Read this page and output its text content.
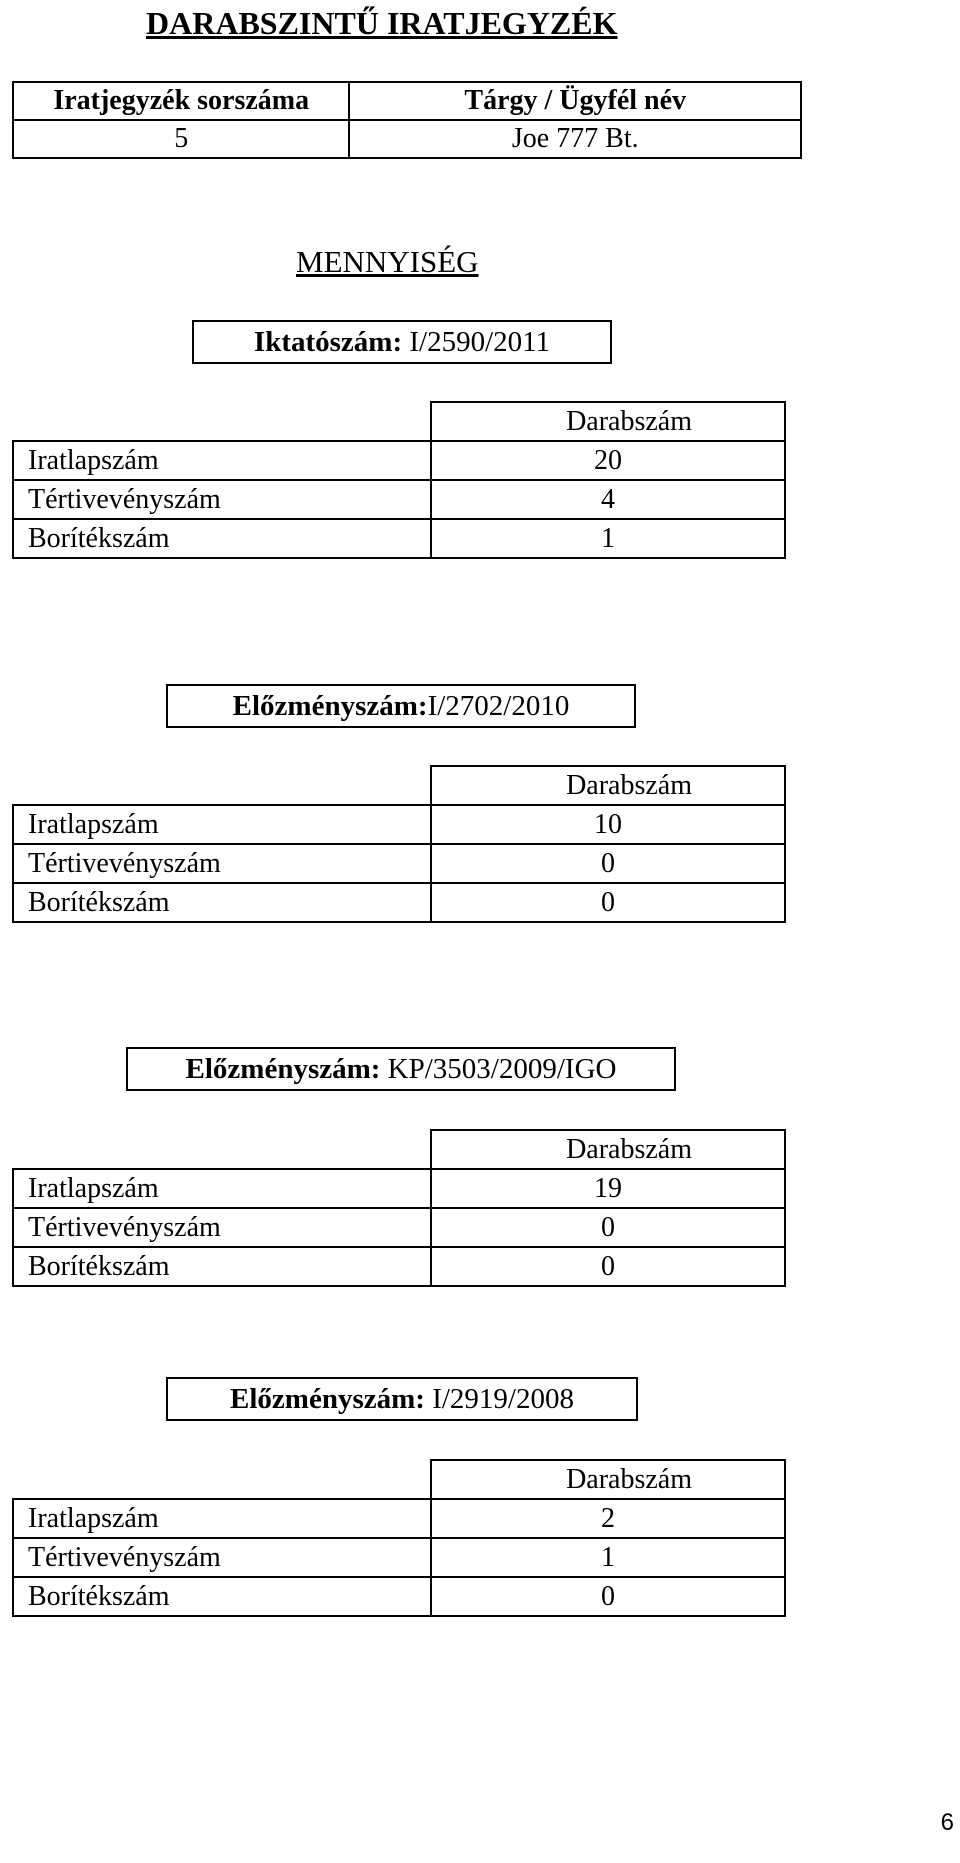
DARABSZINTŰ IRATJEGYZÉK
Iratjegyzék sorszáma	Tárgy / Ügyfél név
5	Joe 777 Bt.
MENNYISÉG
Iktatószám: I/2590/2011
	Darabszám
Iratlapszám	20
Tértivevényszám	4
Borítékszám	1
Előzményszám: I/2702/2010
	Darabszám
Iratlapszám	10
Tértivevényszám	0
Borítékszám	0
Előzményszám: KP/3503/2009/IGO
	Darabszám
Iratlapszám	19
Tértivevényszám	0
Borítékszám	0
Előzményszám: I/2919/2008
	Darabszám
Iratlapszám	2
Tértivevényszám	1
Borítékszám	0
6
